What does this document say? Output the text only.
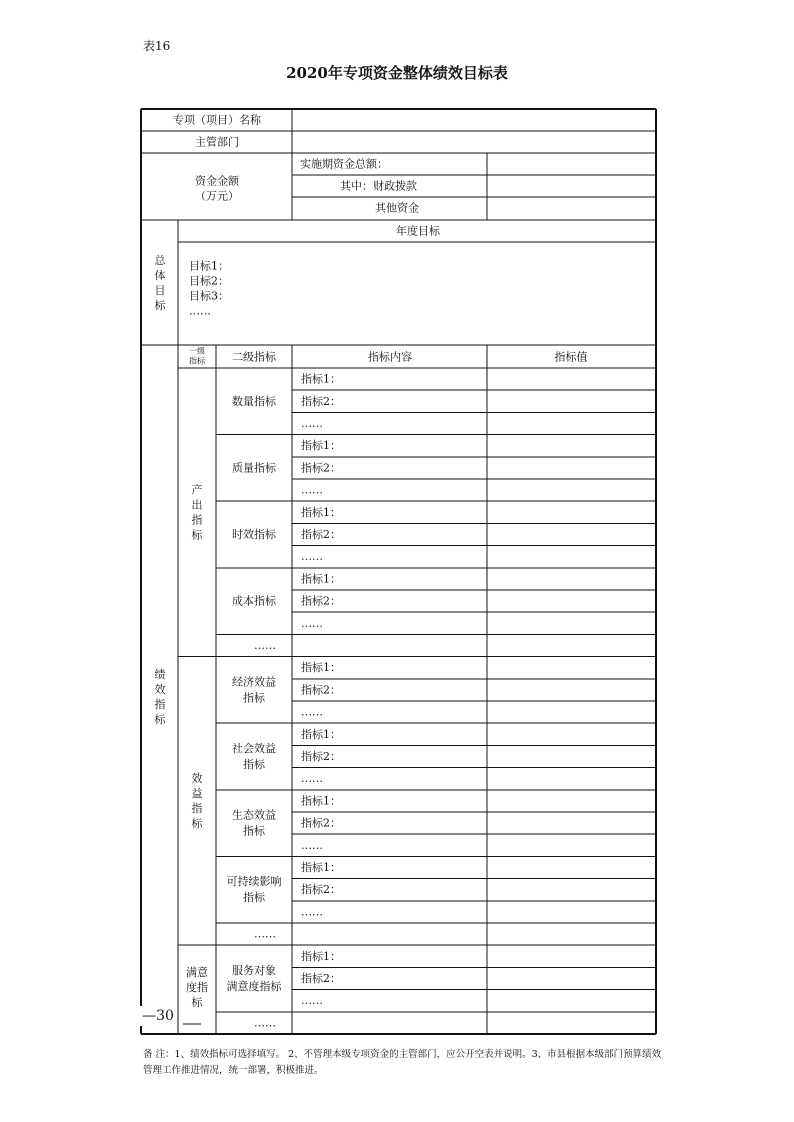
表16
2020年专项资金整体绩效目标表
专项（项目）名称
主管部门
资金金额
（万元）
实施期资金总额：
其中：财政拨款
其他资金
总
体
目
标
年度目标
目标1：
目标2：
目标3：
……
一级
指标 二级指标	指标内容	指标值
指标1：
指标2：
……
数量指标
指标1：
指标2：
……
质量指标
指标1：
指标2：
……
时效指标
指标1：
指标2：
……
成本指标
……
产
出
指
标
指标1：
指标2：
……
经济效益
指标
指标1：
指标2：
……
社会效益
指标
指标1：
指标2：
……
生态效益
指标
指标1：
指标2：
……
可持续影响
指标
……
效
益
指
标
指标1：
指标2：
……
服务对象
满意度指标
……
满意
度指
标
绩
效
指
标
—30
备 注：1、绩效指标可选择填写。 2、不管理本级专项资金的主管部门，应公开空表并说明。3、市县根据本级部门预算绩效管理工作推进情况，统一部署，积极推进。
